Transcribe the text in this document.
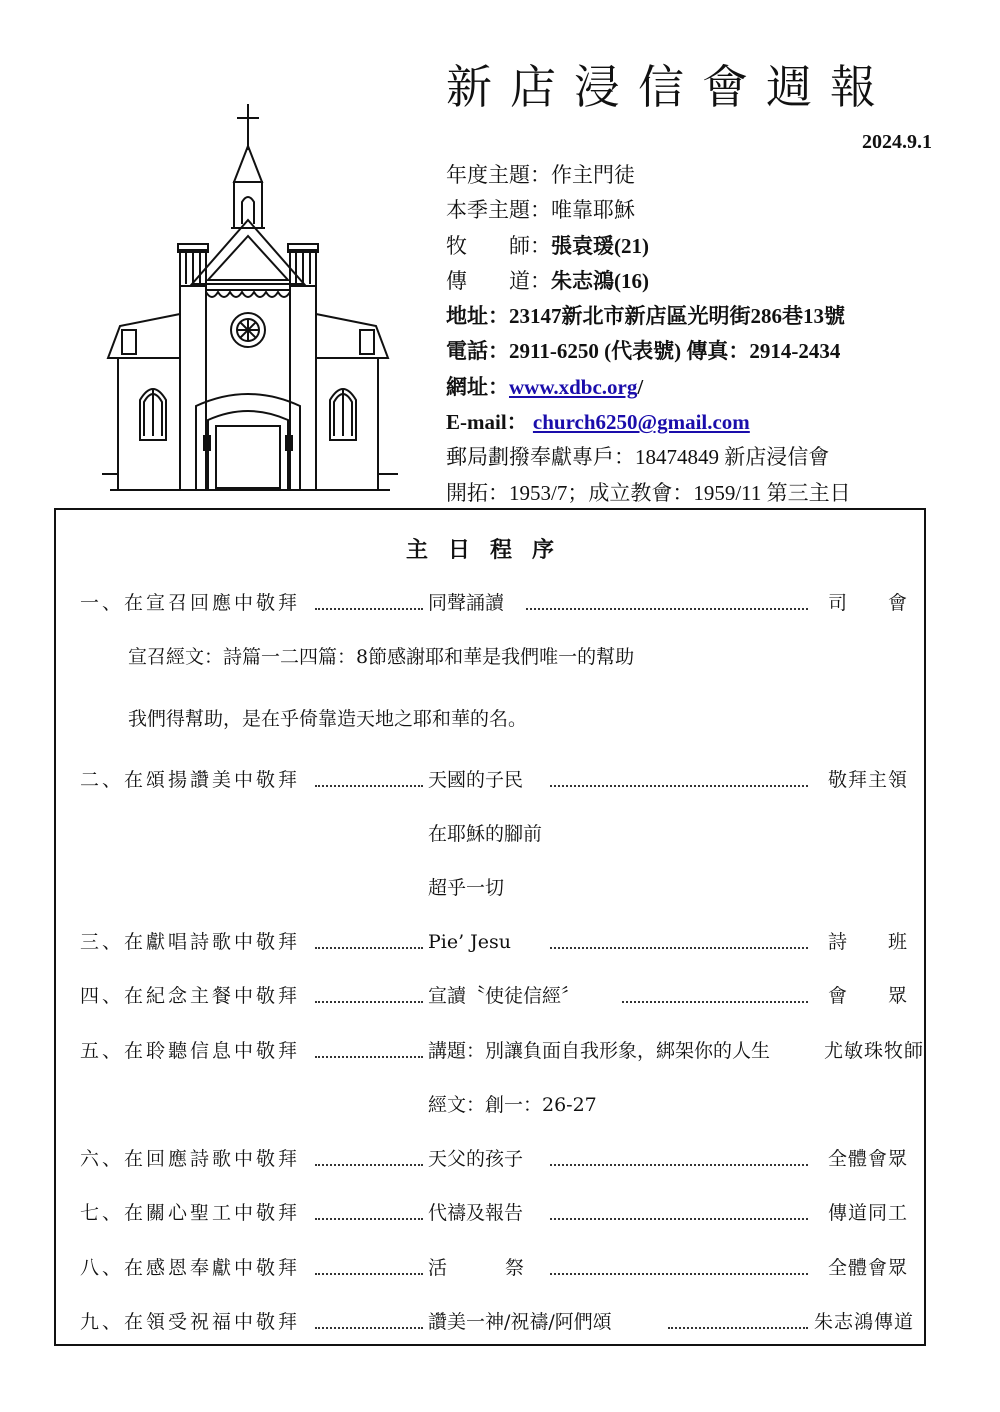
新店浸信會週報
2024.9.1
年度主題：作主門徒
本季主題：唯靠耶穌
牧　　師：張袁瑗(21)
傳　　道：朱志鴻(16)
地址：23147新北市新店區光明街286巷13號
電話：2911-6250 (代表號) 傳真：2914-2434
網址：www.xdbc.org/
E-mail： church6250@gmail.com
郵局劃撥奉獻專戶：18474849 新店浸信會
開拓：1953/7；成立教會：1959/11 第三主日
主日程序
一、在宣召回應中敬拜	同聲誦讀	司　　會
宣召經文：詩篇一二四篇：8節感謝耶和華是我們唯一的幫助
我們得幫助，是在乎倚靠造天地之耶和華的名。
二、在頌揚讚美中敬拜	天國的子民	敬拜主領
在耶穌的腳前
超乎一切
三、在獻唱詩歌中敬拜	Pie’ Jesu	詩　　班
四、在紀念主餐中敬拜	宣讀〝使徒信經〞	會　　眾
五、在聆聽信息中敬拜	講題：別讓負面自我形象，綁架你的人生	尤敏珠牧師
經文：創一：26-27
六、在回應詩歌中敬拜	天父的孩子	全體會眾
七、在關心聖工中敬拜	代禱及報告	傳道同工
八、在感恩奉獻中敬拜	活祭	全體會眾
九、在領受祝福中敬拜	讚美一神/祝禱/阿們頌	朱志鴻傳道
